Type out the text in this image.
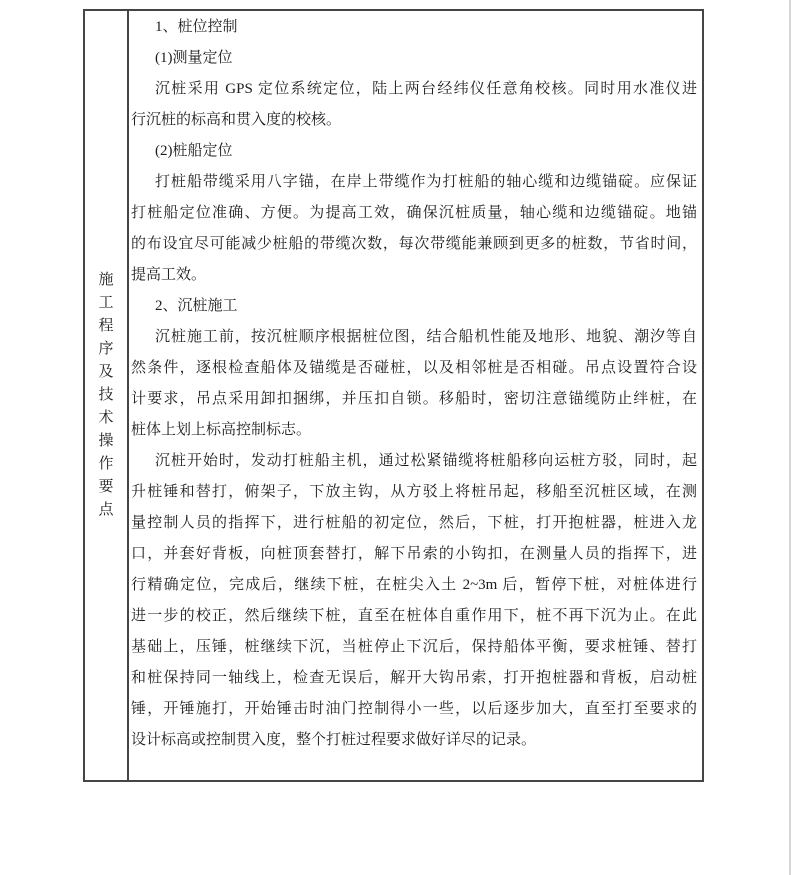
施
工
程
序
及
技
术
操
作
要
点
1、桩位控制
(1)测量定位
沉桩采用 GPS 定位系统定位，陆上两台经纬仪任意角校核。同时用水准仪进
行沉桩的标高和贯入度的校核。
(2)桩船定位
打桩船带缆采用八字锚，在岸上带缆作为打桩船的轴心缆和边缆锚碇。应保证
打桩船定位准确、方便。为提高工效，确保沉桩质量，轴心缆和边缆锚碇。地锚
的布设宜尽可能减少桩船的带缆次数，每次带缆能兼顾到更多的桩数，节省时间，
提高工效。
2、沉桩施工
沉桩施工前，按沉桩顺序根据桩位图，结合船机性能及地形、地貌、潮汐等自
然条件，逐根检查船体及锚缆是否碰桩，以及相邻桩是否相碰。吊点设置符合设
计要求，吊点采用卸扣捆绑，并压扣自锁。移船时，密切注意锚缆防止绊桩，在
桩体上划上标高控制标志。
沉桩开始时，发动打桩船主机，通过松紧锚缆将桩船移向运桩方驳，同时，起
升桩锤和替打，俯架子，下放主钩，从方驳上将桩吊起，移船至沉桩区域，在测
量控制人员的指挥下，进行桩船的初定位，然后，下桩，打开抱桩器，桩进入龙
口，并套好背板，向桩顶套替打，解下吊索的小钩扣，在测量人员的指挥下，进
行精确定位，完成后，继续下桩，在桩尖入土 2~3m 后，暂停下桩，对桩体进行
进一步的校正，然后继续下桩，直至在桩体自重作用下，桩不再下沉为止。在此
基础上，压锤，桩继续下沉，当桩停止下沉后，保持船体平衡，要求桩锤、替打
和桩保持同一轴线上，检查无误后，解开大钩吊索，打开抱桩器和背板，启动桩
锤，开锤施打，开始锤击时油门控制得小一些，以后逐步加大，直至打至要求的
设计标高或控制贯入度，整个打桩过程要求做好详尽的记录。
